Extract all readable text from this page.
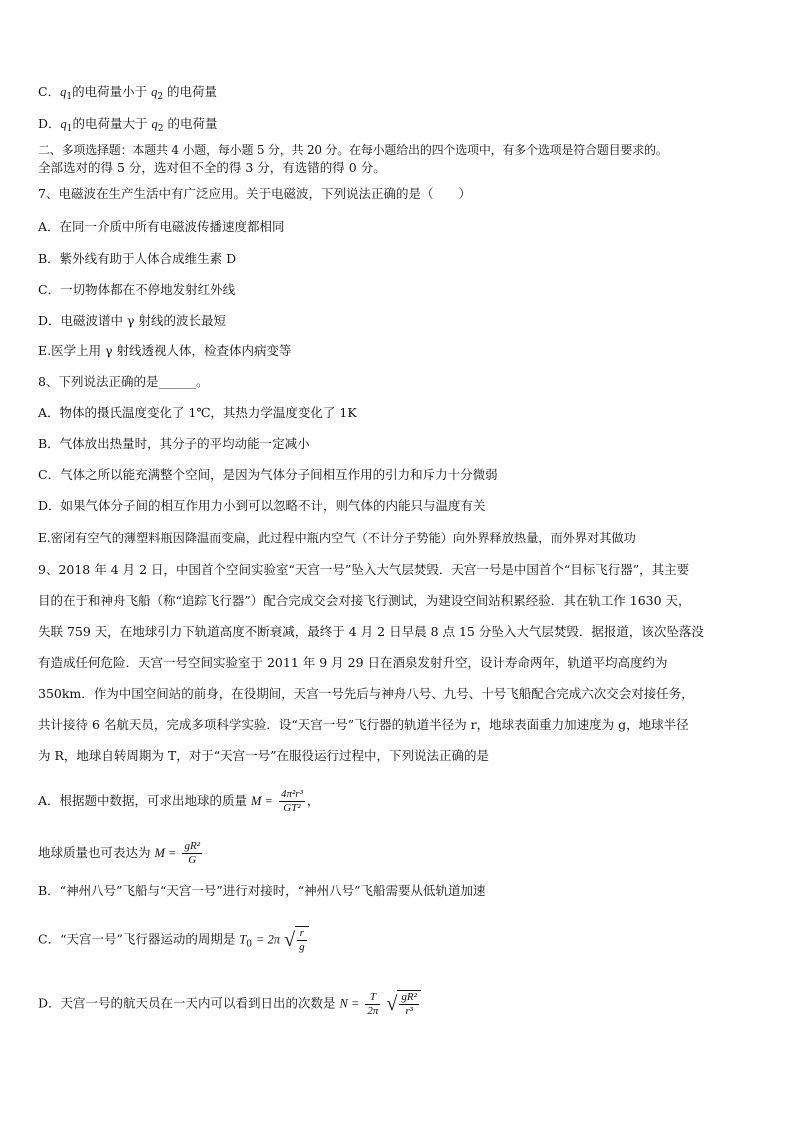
C．$q_1$的电荷量小于 $q_2$ 的电荷量
D．$q_1$的电荷量大于 $q_2$ 的电荷量
二、多项选择题：本题共 4 小题，每小题 5 分，共 20 分。在每小题给出的四个选项中，有多个选项是符合题目要求的。
全部选对的得 5 分，选对但不全的得 3 分，有选错的得 0 分。
7、电磁波在生产生活中有广泛应用。关于电磁波，下列说法正确的是（　　）
A．在同一介质中所有电磁波传播速度都相同
B．紫外线有助于人体合成维生素 D
C．一切物体都在不停地发射红外线
D．电磁波谱中 γ 射线的波长最短
E.医学上用 γ 射线透视人体，检查体内病变等
8、下列说法正确的是______。
A．物体的摄氏温度变化了 1℃，其热力学温度变化了 1K
B．气体放出热量时，其分子的平均动能一定减小
C．气体之所以能充满整个空间，是因为气体分子间相互作用的引力和斥力十分微弱
D．如果气体分子间的相互作用力小到可以忽略不计，则气体的内能只与温度有关
E.密闭有空气的薄塑料瓶因降温而变扁，此过程中瓶内空气（不计分子势能）向外界释放热量，而外界对其做功
9、2018 年 4 月 2 日，中国首个空间实验室“天宫一号”坠入大气层焚毁．天宫一号是中国首个“目标飞行器”，其主要
目的在于和神舟飞船（称“追踪飞行器”）配合完成交会对接飞行测试，为建设空间站积累经验．其在轨工作 1630 天，
失联 759 天，在地球引力下轨道高度不断衰减，最终于 4 月 2 日早晨 8 点 15 分坠入大气层焚毁．据报道，该次坠落没
有造成任何危险．天宫一号空间实验室于 2011 年 9 月 29 日在酒泉发射升空，设计寿命两年，轨道平均高度约为
350km．作为中国空间站的前身，在役期间，天宫一号先后与神舟八号、九号、十号飞船配合完成六次交会对接任务，
共计接待 6 名航天员，完成多项科学实验．设“天宫一号”飞行器的轨道半径为 r，地球表面重力加速度为 g，地球半径
为 R，地球自转周期为 T，对于“天宫一号”在服役运行过程中，下列说法正确的是
A．根据题中数据，可求出地球的质量 $M = \frac{\text{4π²r³}}{\text{GT²}}$ ，
地球质量也可表达为 $M = \frac{\text{gR²}}{G}$
B．“神州八号”飞船与“天宫一号”进行对接时，“神州八号”飞船需要从低轨道加速
C．“天宫一号”飞行器运动的周期是 $T_0 = 2\pi$ √ $\frac{r}{g}$
D．天宫一号的航天员在一天内可以看到日出的次数是 $N = \frac{T}{2\pi}$ √ $\frac{\text{gR²}}{\text{r³}}$
